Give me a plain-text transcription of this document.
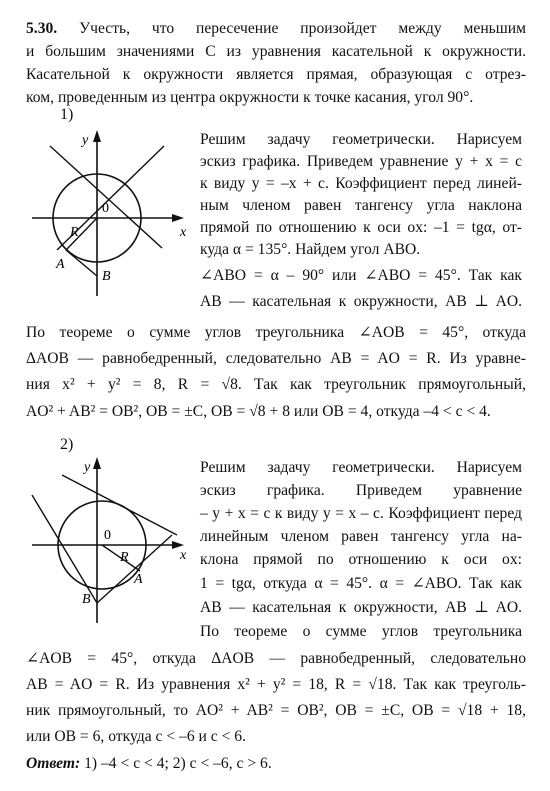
5.30. Учесть, что пересечение произойдет между меньшим
и большим значениями C из уравнения касательной к окружности.
Касательной к окружности является прямая, образующая с отрез-
ком, проведенным из центра окружности к точке касания, угол 90°.
1)
y
x
0
R
A
B
Решим задачу геометрически. Нарисуем
эскиз графика. Приведем уравнение y + x = c
к виду y = –x + c. Коэффициент перед линей-
ным членом равен тангенсу угла наклона
прямой по отношению к оси ox: –1 = tgα, от-
куда α = 135°. Найдем угол ABO.
∠ABO = α – 90° или ∠ABO = 45°. Так как
AB — касательная к окружности, AB ⊥ AO.
По теореме о сумме углов треугольника ∠AOB = 45°, откуда
ΔAOB — равнобедренный, следовательно AB = AO = R. Из уравне-
ния x² + y² = 8, R = √8. Так как треугольник прямоугольный,
AO² + AB² = OB², OB = ±C, OB = √8 + 8 или OB = 4, откуда –4 < c < 4.
2)
y
x
0
R
A
B
Решим задачу геометрически. Нарисуем
эскиз графика. Приведем уравнение
– y + x = c к виду y = x – c. Коэффициент перед
линейным членом равен тангенсу угла на-
клона прямой по отношению к оси ox:
1 = tgα, откуда α = 45°. α = ∠ABO. Так как
AB — касательная к окружности, AB ⊥ AO.
По теореме о сумме углов треугольника
∠AOB = 45°, откуда ΔAOB — равнобедренный, следовательно
AB = AO = R. Из уравнения x² + y² = 18, R = √18. Так как треуголь-
ник прямоугольный, то AO² + AB² = OB², OB = ±C, OB = √18 + 18,
или OB = 6, откуда c < –6 и c < 6.
Ответ: 1) –4 < c < 4; 2) c < –6, c > 6.
